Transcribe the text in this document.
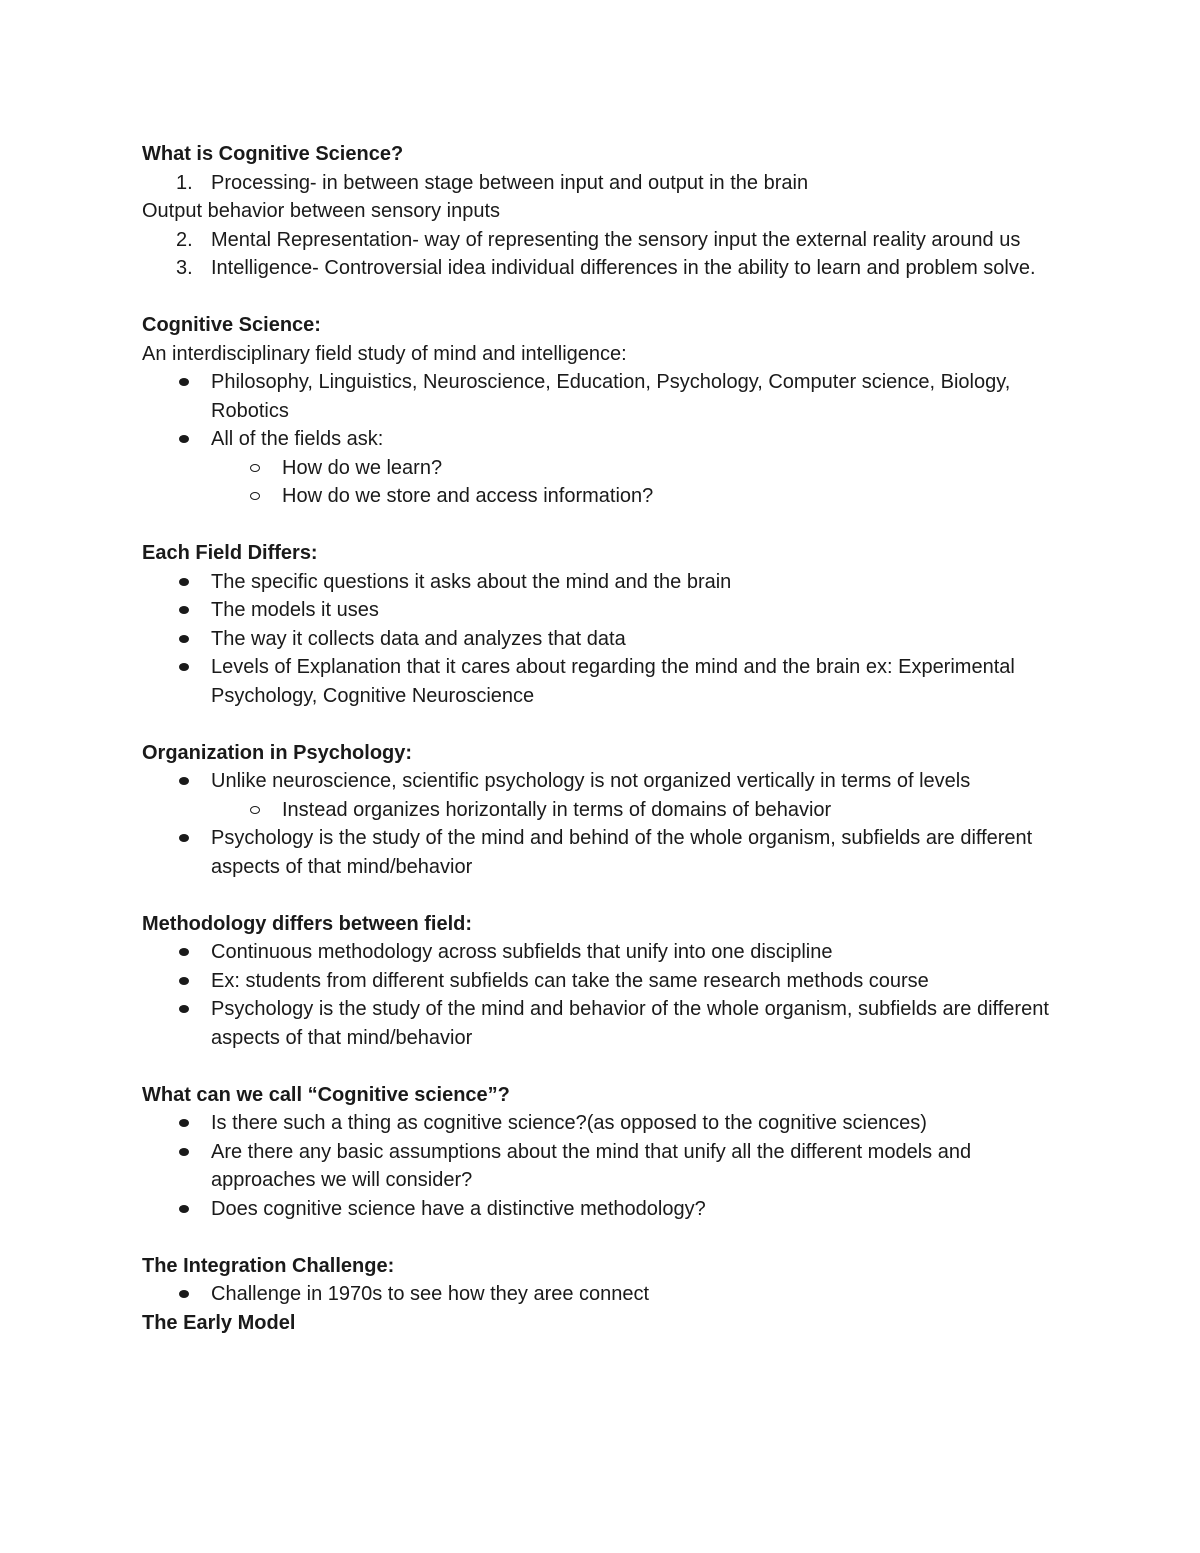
What is Cognitive Science?

1. Processing- in between stage between input and output in the brain

Output behavior between sensory inputs

2. Mental Representation- way of representing the sensory input the external reality around us
3. Intelligence- Controversial idea individual differences in the ability to learn and problem solve.

Cognitive Science:

An interdisciplinary field study of mind and intelligence:

Philosophy, Linguistics, Neuroscience, Education, Psychology, Computer science, Biology, Robotics
All of the fields ask:
How do we learn?
How do we store and access information?

Each Field Differs:

The specific questions it asks about the mind and the brain
The models it uses
The way it collects data and analyzes that data
Levels of Explanation that it cares about regarding the mind and the brain ex: Experimental Psychology, Cognitive Neuroscience

Organization in Psychology:

Unlike neuroscience, scientific psychology is not organized vertically in terms of levels
Instead organizes horizontally in terms of domains of behavior
Psychology is the study of the mind and behind of the whole organism, subfields are different aspects of that mind/behavior

Methodology differs between field:

Continuous methodology across subfields that unify into one discipline
Ex: students from different subfields can take the same research methods course
Psychology is the study of the mind and behavior of the whole organism, subfields are different aspects of that mind/behavior

What can we call “Cognitive science”?

Is there such a thing as cognitive science?(as opposed to the cognitive sciences)
Are there any basic assumptions about the mind that unify all the different models and approaches we will consider?
Does cognitive science have a distinctive methodology?

The Integration Challenge:

Challenge in 1970s to see how they aree connect

The Early Model
